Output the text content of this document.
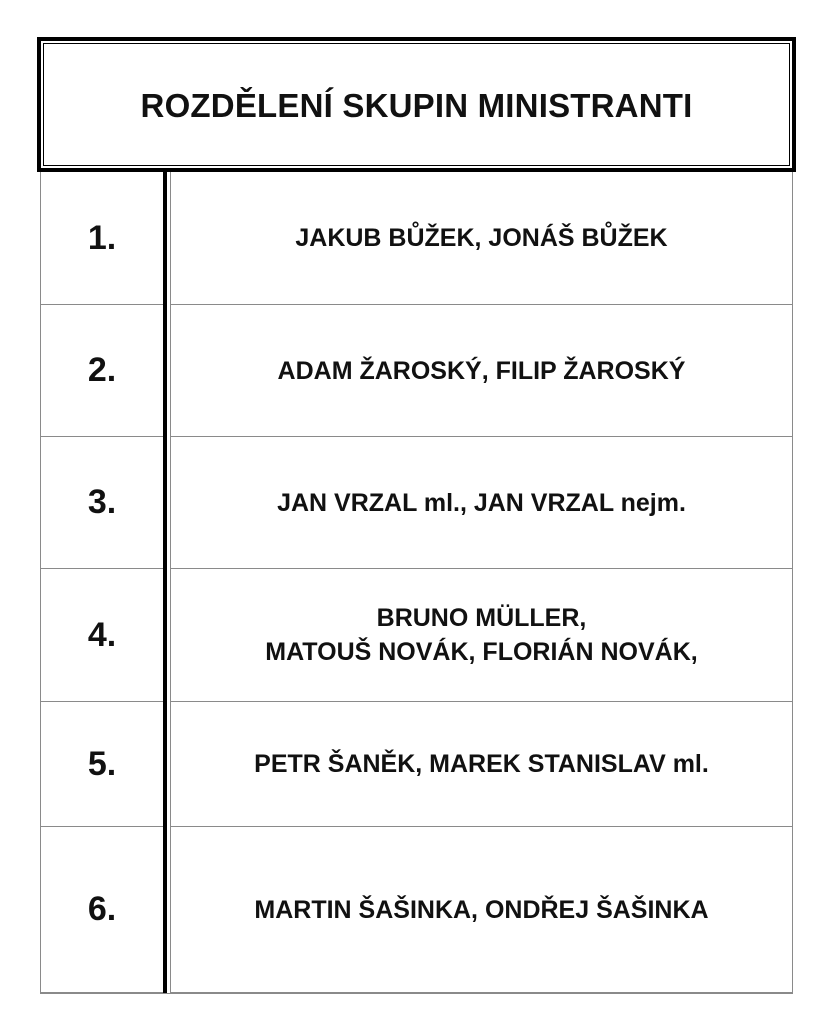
ROZDĚLENÍ SKUPIN MINISTRANTI
1.	JAKUB BŮŽEK, JONÁŠ BŮŽEK
2.	ADAM ŽAROSKÝ, FILIP ŽAROSKÝ
3.	JAN VRZAL ml., JAN VRZAL nejm.
4.	BRUNO MÜLLER,
MATOUŠ NOVÁK, FLORIÁN NOVÁK,
5.	PETR ŠANĚK, MAREK STANISLAV ml.
6.	MARTIN ŠAŠINKA, ONDŘEJ ŠAŠINKA
